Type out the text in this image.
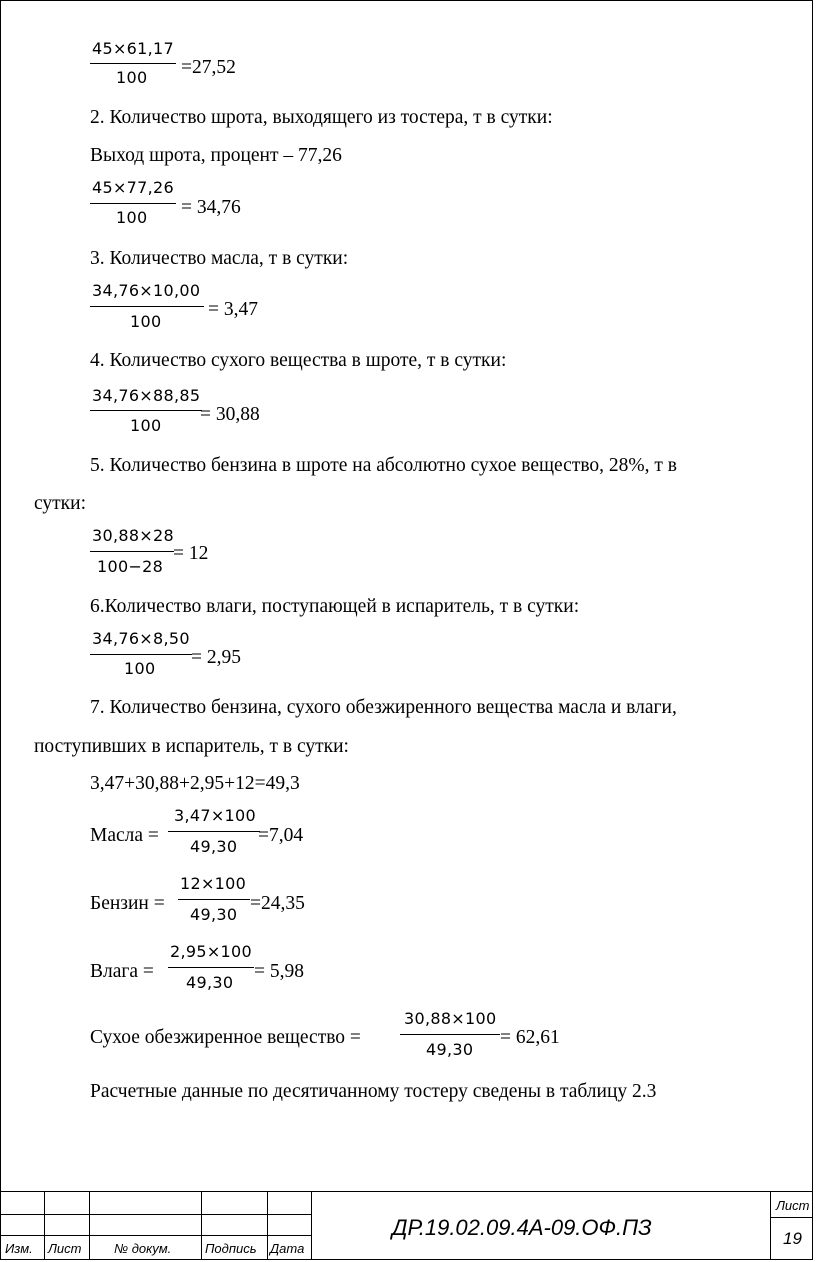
45×61,17
100 =27,52
2. Количество шрота, выходящего из тостера, т в сутки:
Выход шрота, процент – 77,26
45×77,26
100 = 34,76
3. Количество масла, т в сутки:
34,76×10,00
100
= 3,47
4. Количество сухого вещества в шроте, т в сутки:
34,76×88,85
100
= 30,88
5. Количество бензина в шроте на абсолютно сухое вещество, 28%, т в
сутки:
30,88×28
100−28
= 12
6.Количество влаги, поступающей в испаритель, т в сутки:
34,76×8,50
100
= 2,95
7. Количество бензина, сухого обезжиренного вещества масла и влаги,
поступивших в испаритель, т в сутки:
3,47+30,88+2,95+12=49,3
Масла =
3,47×100
49,30
=7,04
Бензин =
12×100
49,30
=24,35
Влага =
2,95×100
49,30
= 5,98
Сухое обезжиренное вещество =
30,88×100
49,30
= 62,61
Расчетные данные по десятичанному тостеру сведены в таблицу 2.3
Изм. Лист	№ докум.	Подпись Дата
ДР.19.02.09.4А-09.ОФ.ПЗ
Лист
19
